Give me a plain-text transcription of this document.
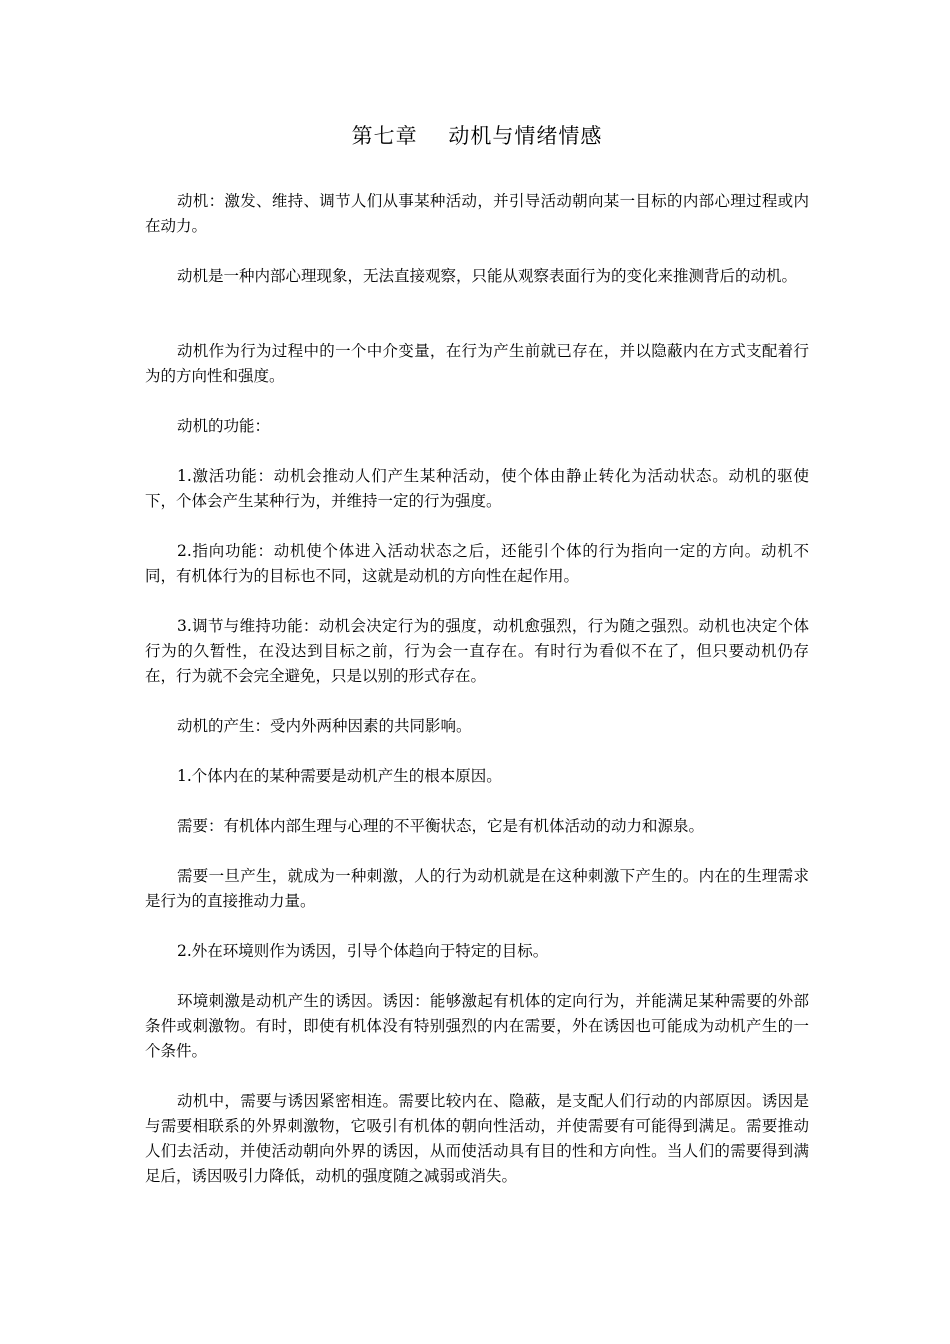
第七章    动机与情绪情感

动机：激发、维持、调节人们从事某种活动，并引导活动朝向某一目标的内部心理过程或内在动力。

动机是一种内部心理现象，无法直接观察，只能从观察表面行为的变化来推测背后的动机。

动机作为行为过程中的一个中介变量，在行为产生前就已存在，并以隐蔽内在方式支配着行为的方向性和强度。

动机的功能：

1.激活功能：动机会推动人们产生某种活动，使个体由静止转化为活动状态。动机的驱使下，个体会产生某种行为，并维持一定的行为强度。

2.指向功能：动机使个体进入活动状态之后，还能引个体的行为指向一定的方向。动机不同，有机体行为的目标也不同，这就是动机的方向性在起作用。

3.调节与维持功能：动机会决定行为的强度，动机愈强烈，行为随之强烈。动机也决定个体行为的久暂性，在没达到目标之前，行为会一直存在。有时行为看似不在了，但只要动机仍存在，行为就不会完全避免，只是以别的形式存在。

动机的产生：受内外两种因素的共同影响。

1.个体内在的某种需要是动机产生的根本原因。

需要：有机体内部生理与心理的不平衡状态，它是有机体活动的动力和源泉。

需要一旦产生，就成为一种刺激，人的行为动机就是在这种刺激下产生的。内在的生理需求是行为的直接推动力量。

2.外在环境则作为诱因，引导个体趋向于特定的目标。

环境刺激是动机产生的诱因。诱因：能够激起有机体的定向行为，并能满足某种需要的外部条件或刺激物。有时，即使有机体没有特别强烈的内在需要，外在诱因也可能成为动机产生的一个条件。

动机中，需要与诱因紧密相连。需要比较内在、隐蔽，是支配人们行动的内部原因。诱因是与需要相联系的外界刺激物，它吸引有机体的朝向性活动，并使需要有可能得到满足。需要推动人们去活动，并使活动朝向外界的诱因，从而使活动具有目的性和方向性。当人们的需要得到满足后，诱因吸引力降低，动机的强度随之减弱或消失。
